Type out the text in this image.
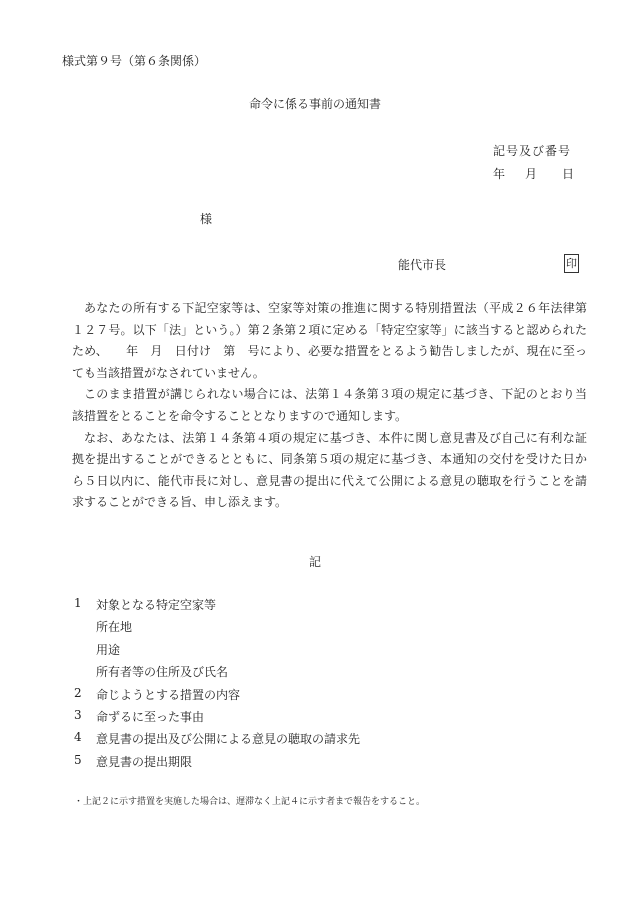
様式第９号（第６条関係）
命令に係る事前の通知書
記号及び番号
年 月 日
様
能代市長	印

あなたの所有する下記空家等は、空家等対策の推進に関する特別措置法（平成２６年法律第１２７号。以下「法」という。）第２条第２項に定める「特定空家等」に該当すると認められたため、　　年　月　日付け　第　号により、必要な措置をとるよう勧告しましたが、現在に至っても当該措置がなされていません。

このまま措置が講じられない場合には、法第１４条第３項の規定に基づき、下記のとおり当該措置をとることを命令することとなりますので通知します。

なお、あなたは、法第１４条第４項の規定に基づき、本件に関し意見書及び自己に有利な証拠を提出することができるとともに、同条第５項の規定に基づき、本通知の交付を受けた日から５日以内に、能代市長に対し、意見書の提出に代えて公開による意見の聴取を行うことを請求することができる旨、申し添えます。

記
1	対象となる特定空家等
所在地
用途
所有者等の住所及び氏名
2	命じようとする措置の内容
3	命ずるに至った事由
4	意見書の提出及び公開による意見の聴取の請求先
5	意見書の提出期限
・上記２に示す措置を実施した場合は、遅滞なく上記４に示す者まで報告をすること。
